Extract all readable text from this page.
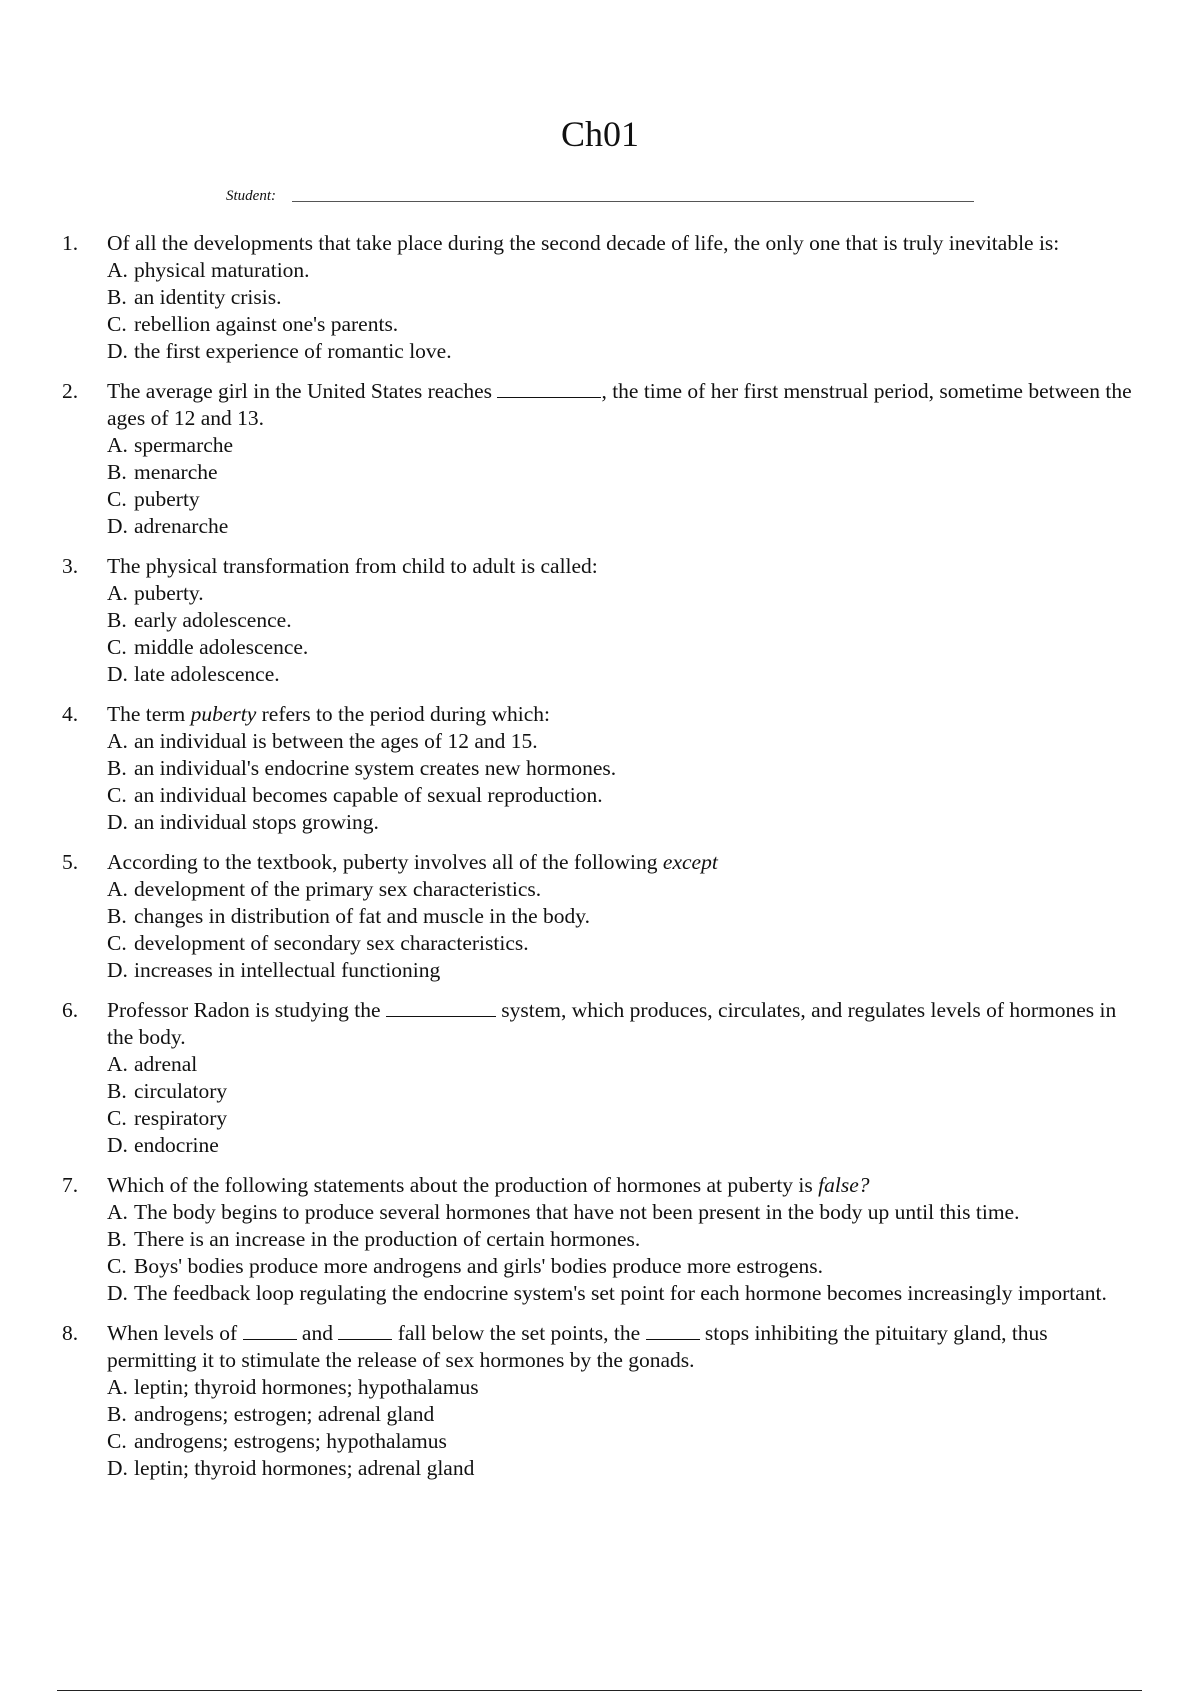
Ch01
Student:
1. Of all the developments that take place during the second decade of life, the only one that is truly inevitable is:
A. physical maturation.
B. an identity crisis.
C. rebellion against one's parents.
D. the first experience of romantic love.
2. The average girl in the United States reaches	, the time of her first menstrual period, sometime between the ages of 12 and 13.
A. spermarche
B. menarche
C. puberty
D. adrenarche
3. The physical transformation from child to adult is called:
A. puberty.
B. early adolescence.
C. middle adolescence.
D. late adolescence.
4. The term puberty refers to the period during which:
A. an individual is between the ages of 12 and 15.
B. an individual's endocrine system creates new hormones.
C. an individual becomes capable of sexual reproduction.
D. an individual stops growing.
5. According to the textbook, puberty involves all of the following except
A. development of the primary sex characteristics.
B. changes in distribution of fat and muscle in the body.
C. development of secondary sex characteristics.
D. increases in intellectual functioning
6. Professor Radon is studying the	system, which produces, circulates, and regulates levels of hormones in the body.
A. adrenal
B. circulatory
C. respiratory
D. endocrine
7. Which of the following statements about the production of hormones at puberty is false?
A. The body begins to produce several hormones that have not been present in the body up until this time.
B. There is an increase in the production of certain hormones.
C. Boys' bodies produce more androgens and girls' bodies produce more estrogens.
D. The feedback loop regulating the endocrine system's set point for each hormone becomes increasingly important.
8. When levels of	and	fall below the set points, the	stops inhibiting the pituitary gland, thus permitting it to stimulate the release of sex hormones by the gonads.
A. leptin; thyroid hormones; hypothalamus
B. androgens; estrogen; adrenal gland
C. androgens; estrogens; hypothalamus
D. leptin; thyroid hormones; adrenal gland
